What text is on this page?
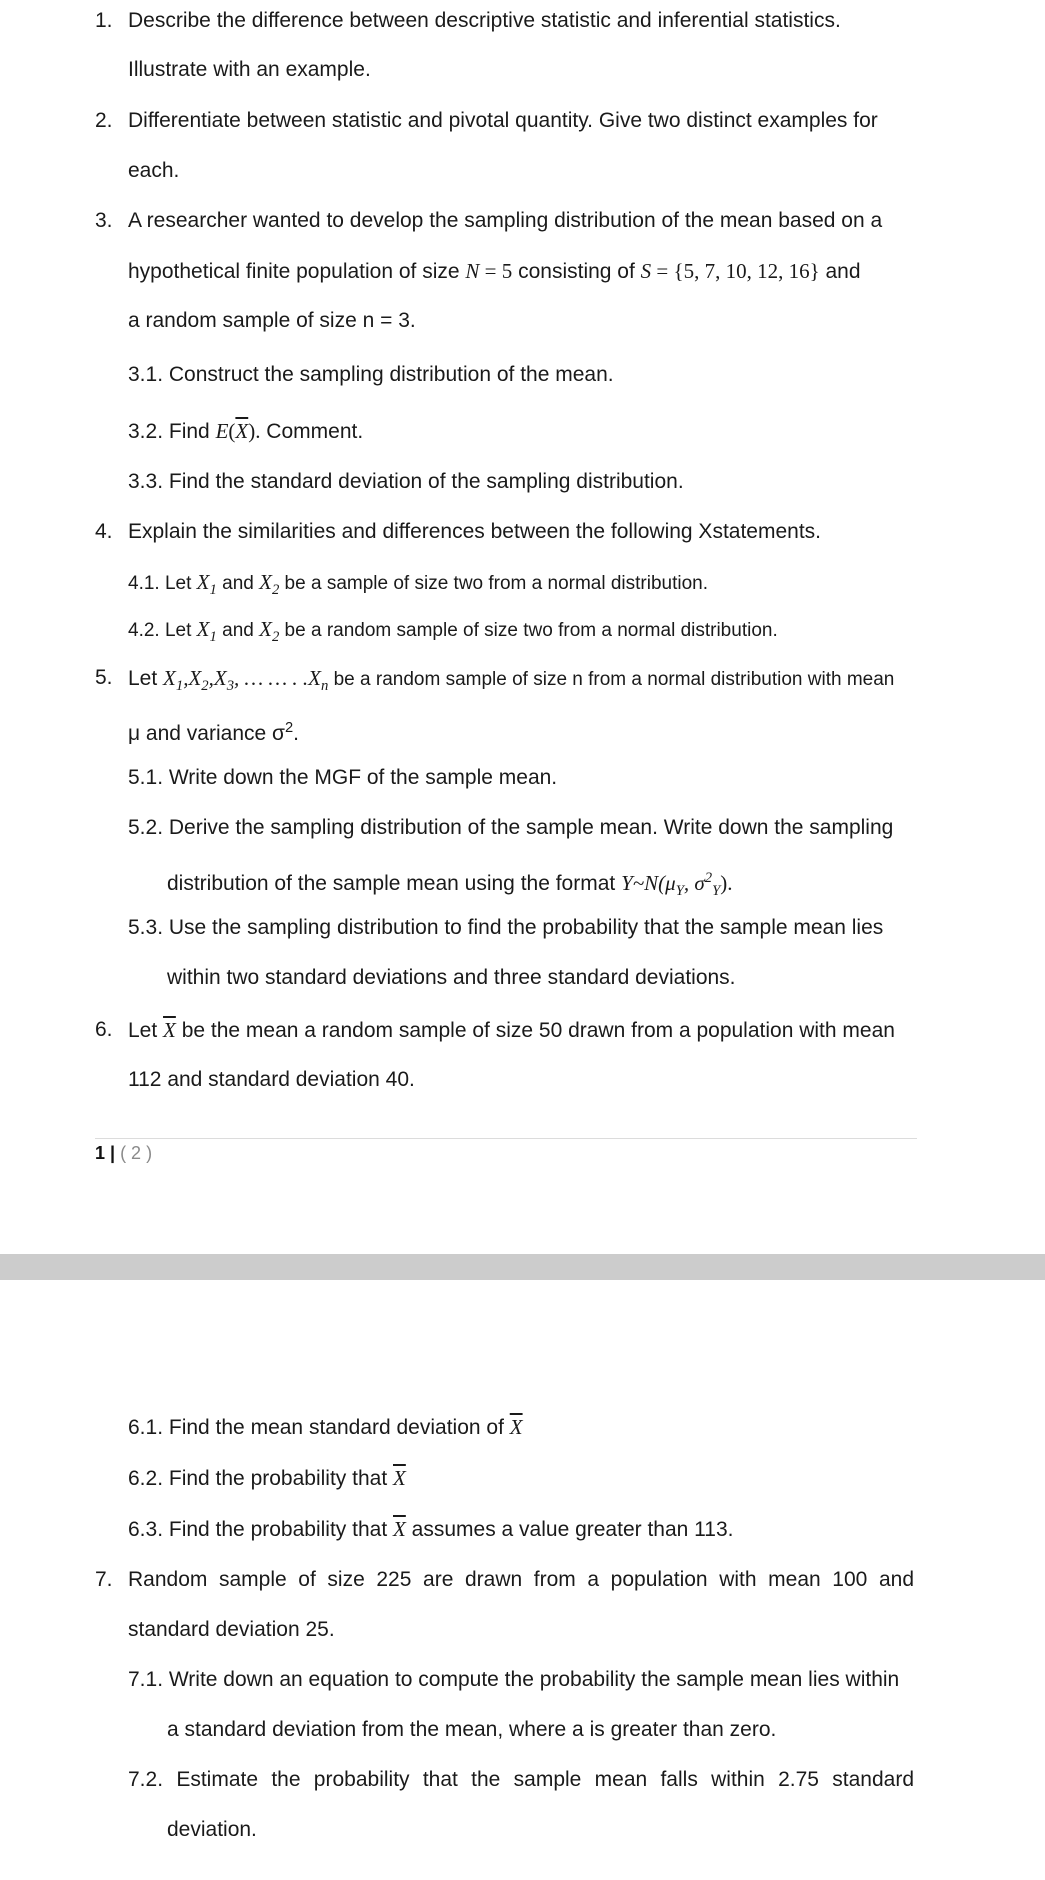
1. Describe the difference between descriptive statistic and inferential statistics.
Illustrate with an example.
2. Differentiate between statistic and pivotal quantity. Give two distinct examples for
each.
3. A researcher wanted to develop the sampling distribution of the mean based on a
hypothetical finite population of size N = 5 consisting of S = {5, 7, 10, 12, 16} and
a random sample of size n = 3.
3.1. Construct the sampling distribution of the mean.
3.2. Find $E(\overline{X})$. Comment.
3.3. Find the standard deviation of the sampling distribution.
4. Explain the similarities and differences between the following Xstatements.
4.1. Let $X_1$ and $X_2$ be a sample of size two from a normal distribution.
4.2. Let $X_1$ and $X_2$ be a random sample of size two from a normal distribution.
5. Let $X_1,X_2,X_3$, … … . $.X_n$ be a random sample of size n from a normal distribution with mean
μ and variance $\sigma^2$.
5.1. Write down the MGF of the sample mean.
5.2. Derive the sampling distribution of the sample mean. Write down the sampling
distribution of the sample mean using the format $Y\sim N(\mu_Y$, $\sigma^2_Y$).
5.3. Use the sampling distribution to find the probability that the sample mean lies
within two standard deviations and three standard deviations.
6. Let $\overline{X}$ be the mean a random sample of size 50 drawn from a population with mean
112 and standard deviation 40.
1 | ( 2 )
6.1. Find the mean standard deviation of $\overline{X}$
6.2. Find the probability that $\overline{X}$
6.3. Find the probability that $\overline{X}$ assumes a value greater than 113.
7. Random sample of size 225 are drawn from a population with mean 100 and
standard deviation 25.
7.1. Write down an equation to compute the probability the sample mean lies within
a standard deviation from the mean, where a is greater than zero.
7.2. Estimate the probability that the sample mean falls within 2.75 standard
deviation.
